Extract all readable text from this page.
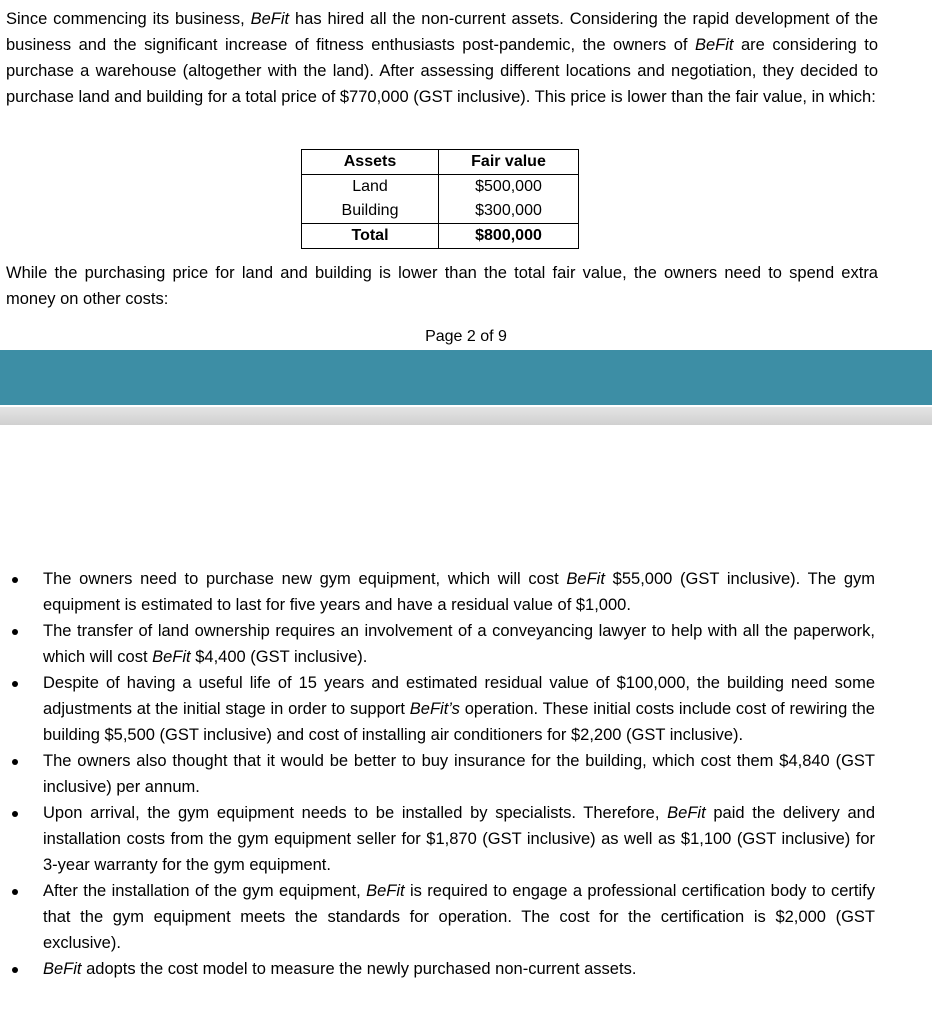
Since commencing its business, BeFit has hired all the non-current assets. Considering the rapid development of the business and the significant increase of fitness enthusiasts post-pandemic, the owners of BeFit are considering to purchase a warehouse (altogether with the land). After assessing different locations and negotiation, they decided to purchase land and building for a total price of $770,000 (GST inclusive). This price is lower than the fair value, in which:

Assets	Fair value
Land	$500,000
Building	$300,000
Total	$800,000

While the purchasing price for land and building is lower than the total fair value, the owners need to spend extra money on other costs:

Page 2 of 9
The owners need to purchase new gym equipment, which will cost BeFit $55,000 (GST inclusive). The gym equipment is estimated to last for five years and have a residual value of $1,000.
The transfer of land ownership requires an involvement of a conveyancing lawyer to help with all the paperwork, which will cost BeFit $4,400 (GST inclusive).
Despite of having a useful life of 15 years and estimated residual value of $100,000, the building need some adjustments at the initial stage in order to support BeFit’s operation. These initial costs include cost of rewiring the building $5,500 (GST inclusive) and cost of installing air conditioners for $2,200 (GST inclusive).
The owners also thought that it would be better to buy insurance for the building, which cost them $4,840 (GST inclusive) per annum.
Upon arrival, the gym equipment needs to be installed by specialists. Therefore, BeFit paid the delivery and installation costs from the gym equipment seller for $1,870 (GST inclusive) as well as $1,100 (GST inclusive) for 3-year warranty for the gym equipment.
After the installation of the gym equipment, BeFit is required to engage a professional certification body to certify that the gym equipment meets the standards for operation. The cost for the certification is $2,000 (GST exclusive).
BeFit adopts the cost model to measure the newly purchased non-current assets.
